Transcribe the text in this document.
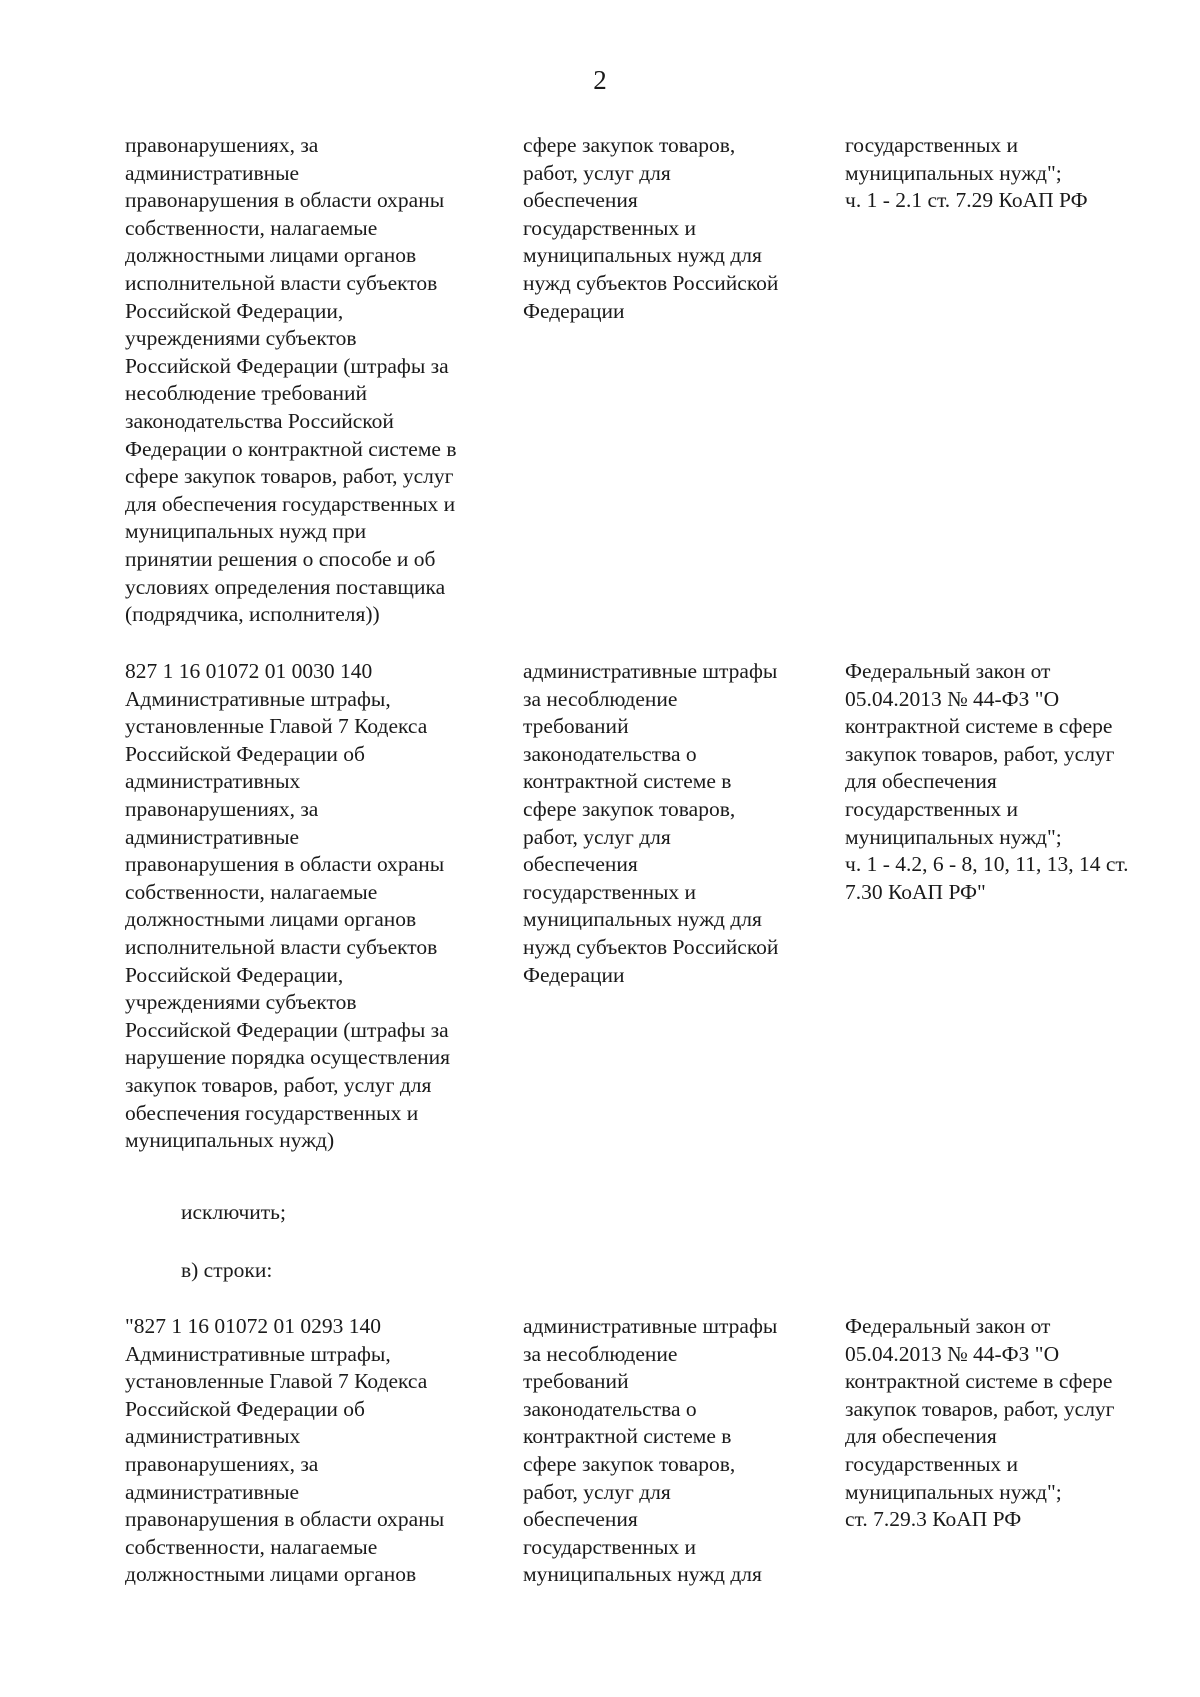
2
правонарушениях, за
административные
правонарушения в области охраны
собственности, налагаемые
должностными лицами органов
исполнительной власти субъектов
Российской Федерации,
учреждениями субъектов
Российской Федерации (штрафы за
несоблюдение требований
законодательства Российской
Федерации о контрактной системе в
сфере закупок товаров, работ, услуг
для обеспечения государственных и
муниципальных нужд при
принятии решения о способе и об
условиях определения поставщика
(подрядчика, исполнителя))
сфере закупок товаров,
работ, услуг для
обеспечения
государственных и
муниципальных нужд для
нужд субъектов Российской
Федерации
государственных и
муниципальных нужд";
ч. 1 - 2.1 ст. 7.29 КоАП РФ
827 1 16 01072 01 0030 140
Административные штрафы,
установленные Главой 7 Кодекса
Российской Федерации об
административных
правонарушениях, за
административные
правонарушения в области охраны
собственности, налагаемые
должностными лицами органов
исполнительной власти субъектов
Российской Федерации,
учреждениями субъектов
Российской Федерации (штрафы за
нарушение порядка осуществления
закупок товаров, работ, услуг для
обеспечения государственных и
муниципальных нужд)
административные штрафы
за несоблюдение
требований
законодательства о
контрактной системе в
сфере закупок товаров,
работ, услуг для
обеспечения
государственных и
муниципальных нужд для
нужд субъектов Российской
Федерации
Федеральный закон от
05.04.2013 № 44-ФЗ "О
контрактной системе в сфере
закупок товаров, работ, услуг
для обеспечения
государственных и
муниципальных нужд";
ч. 1 - 4.2, 6 - 8, 10, 11, 13, 14 ст.
7.30 КоАП РФ"
исключить;
в) строки:
"827 1 16 01072 01 0293 140
Административные штрафы,
установленные Главой 7 Кодекса
Российской Федерации об
административных
правонарушениях, за
административные
правонарушения в области охраны
собственности, налагаемые
должностными лицами органов
административные штрафы
за несоблюдение
требований
законодательства о
контрактной системе в
сфере закупок товаров,
работ, услуг для
обеспечения
государственных и
муниципальных нужд для
Федеральный закон от
05.04.2013 № 44-ФЗ "О
контрактной системе в сфере
закупок товаров, работ, услуг
для обеспечения
государственных и
муниципальных нужд";
ст. 7.29.3 КоАП РФ
